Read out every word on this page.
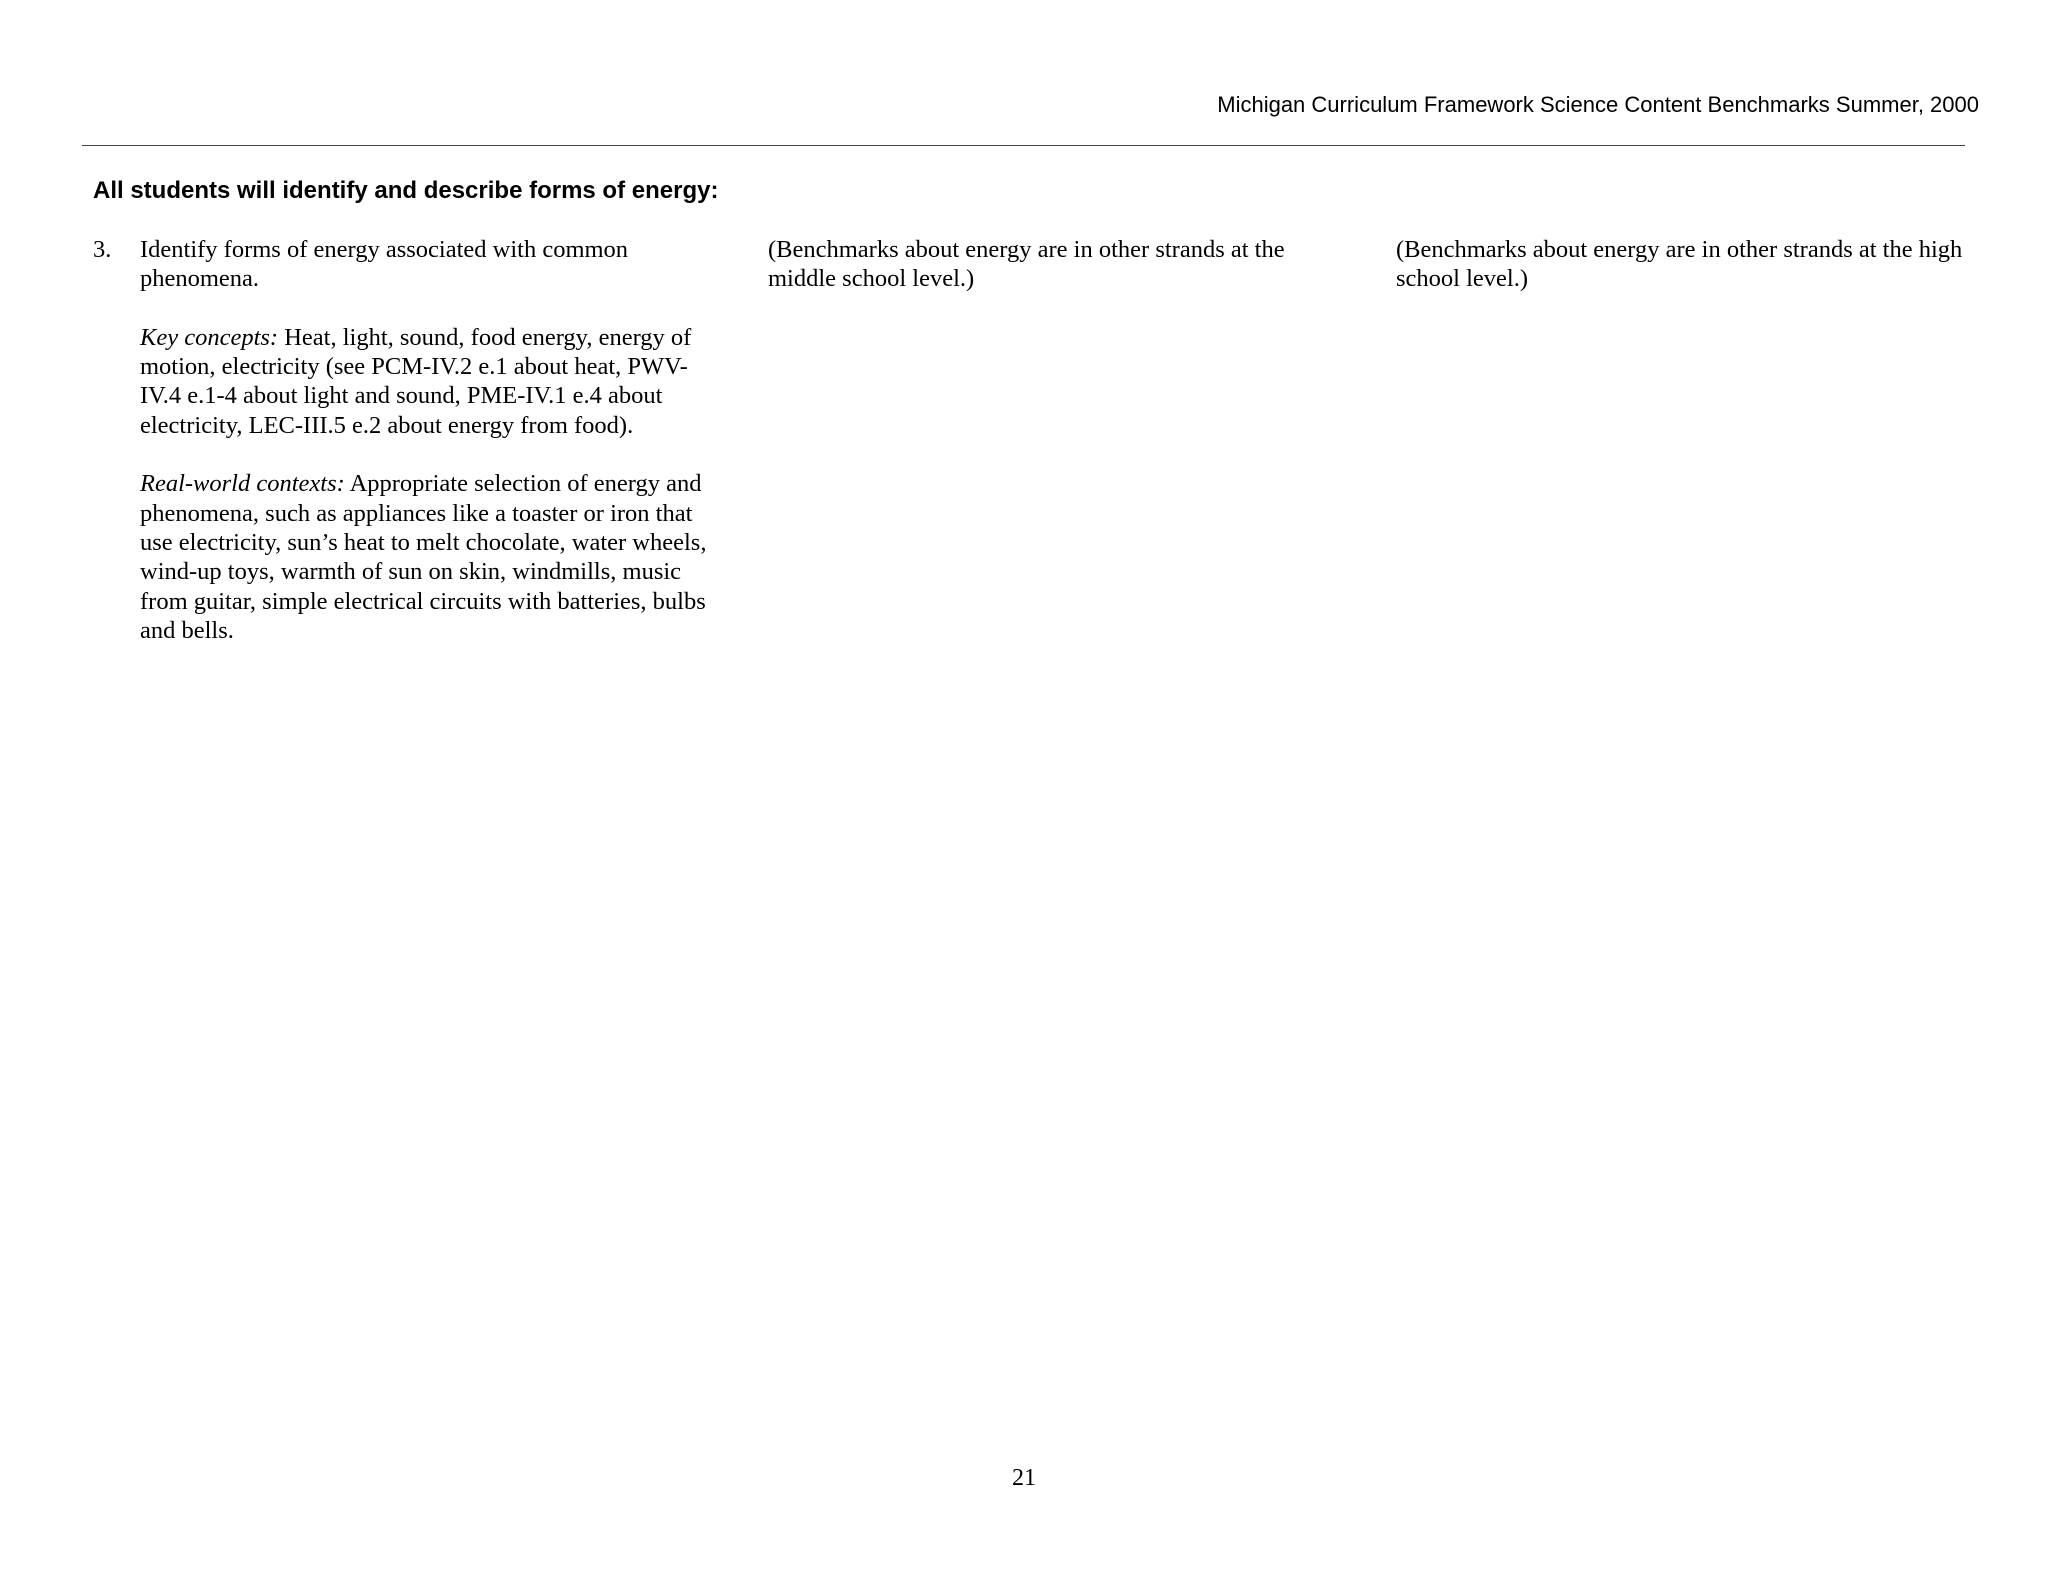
Michigan Curriculum Framework Science Content Benchmarks Summer, 2000
All students will identify and describe forms of energy:
3. Identify forms of energy associated with common phenomena.

Key concepts: Heat, light, sound, food energy, energy of motion, electricity (see PCM-IV.2 e.1 about heat, PWV-IV.4 e.1-4 about light and sound, PME-IV.1 e.4 about electricity, LEC-III.5 e.2 about energy from food).

Real-world contexts: Appropriate selection of energy and phenomena, such as appliances like a toaster or iron that use electricity, sun’s heat to melt chocolate, water wheels, wind-up toys, warmth of sun on skin, windmills, music from guitar, simple electrical circuits with batteries, bulbs and bells.

(Benchmarks about energy are in other strands at the middle school level.)

(Benchmarks about energy are in other strands at the high school level.)

21
